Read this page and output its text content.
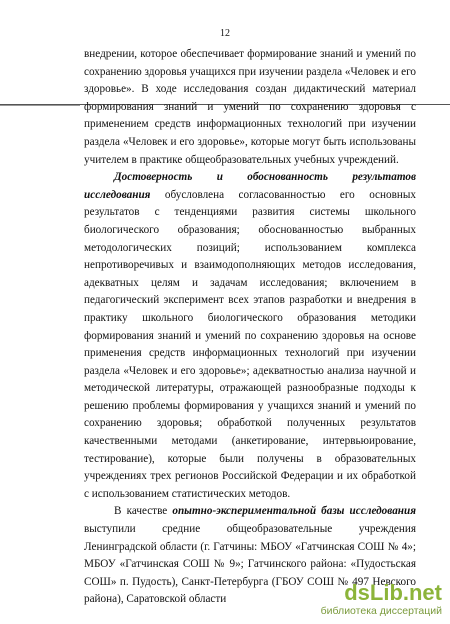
12

внедрении, которое обеспечивает формирование знаний и умений по сохранению здоровья учащихся при изучении раздела «Человек и его здоровье». В ходе исследования создан дидактический материал формирования знаний и умений по сохранению здоровья с применением средств информационных технологий при изучении раздела «Человек и его здоровье», которые могут быть использованы учителем в практике общеобразовательных учебных учреждений.

Достоверность и обоснованность результатов исследования обусловлена согласованностью его основных результатов с тенденциями развития системы школьного биологического образования; обоснованностью выбранных методологических позиций; использованием комплекса непротиворечивых и взаимодополняющих методов исследования, адекватных целям и задачам исследования; включением в педагогический эксперимент всех этапов разработки и внедрения в практику школьного биологического образования методики формирования знаний и умений по сохранению здоровья на основе применения средств информационных технологий при изучении раздела «Человек и его здоровье»; адекватностью анализа научной и методической литературы, отражающей разнообразные подходы к решению проблемы формирования у учащихся знаний и умений по сохранению здоровья; обработкой полученных результатов качественными методами (анкетирование, интервьюирование, тестирование), которые были получены в образовательных учреждениях трех регионов Российской Федерации и их обработкой с использованием статистических методов.

В качестве опытно-экспериментальной базы исследования выступили средние общеобразовательные учреждения Ленинградской области (г. Гатчины: МБОУ «Гатчинская СОШ № 4»; МБОУ «Гатчинская СОШ № 9»; Гатчинского района: «Пудостьская СОШ» п. Пудость), Санкт-Петербурга (ГБОУ СОШ № 497 Невского района), Саратовской области	dsLib.net
библиотека диссертаций
